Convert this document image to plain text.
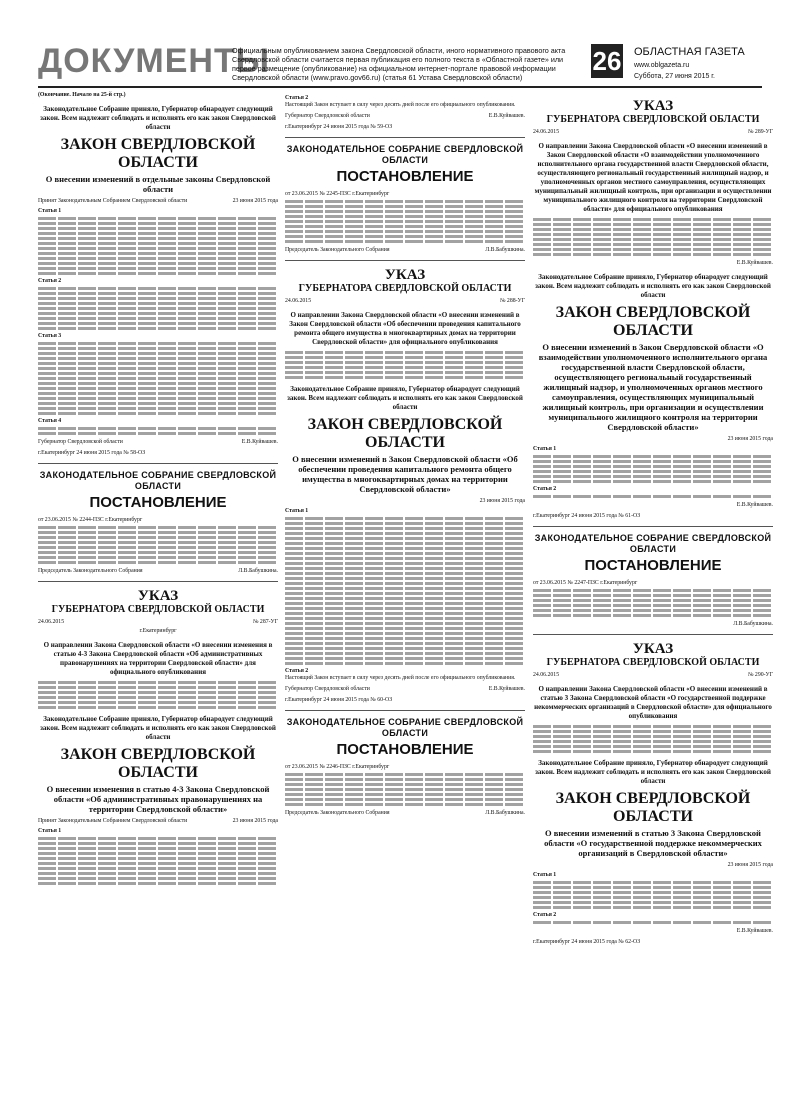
ДОКУМЕНТЫ
Официальным опубликованием закона Свердловской области, иного нормативного правового акта Свердловской области считается первая публикация его полного текста в «Областной газете» или первое размещение (опубликование) на официальном интернет-портале правовой информации Свердловской области (www.pravo.gov66.ru) (статья 61 Устава Свердловской области)
26 ОБЛАСТНАЯ ГАЗЕТА
www.oblgazeta.ru
Суббота, 27 июня 2015 г.
(Окончание. Начало на 25-й стр.)
Законодательное Собрание приняло, Губернатор обнародует следующий закон. Всем надлежит соблюдать и исполнять его как закон Свердловской области
ЗАКОН СВЕРДЛОВСКОЙ ОБЛАСТИ
О внесении изменений в отдельные законы Свердловской области
Принят Законодательным Собранием Свердловской области	23 июня 2015 года
Статья 1
Статья 2
Статья 3
Статья 4
Губернатор Свердловской области	Е.В.Куйвашев.
г.Екатеринбург 24 июня 2015 года № 58-ОЗ
ЗАКОНОДАТЕЛЬНОЕ СОБРАНИЕ СВЕРДЛОВСКОЙ ОБЛАСТИ
ПОСТАНОВЛЕНИЕ
от 23.06.2015 № 2244-ПЗС г.Екатеринбург
Председатель Законодательного Собрания	Л.В.Бабушкина.
УКАЗ
ГУБЕРНАТОРА СВЕРДЛОВСКОЙ ОБЛАСТИ
24.06.2015	№ 287-УГ
г.Екатеринбург
О направлении Закона Свердловской области «О внесении изменения в статью 4-3 Закона Свердловской области «Об административных правонарушениях на территории Свердловской области» для официального опубликования
Законодательное Собрание приняло, Губернатор обнародует следующий закон. Всем надлежит соблюдать и исполнять его как закон Свердловской области
ЗАКОН СВЕРДЛОВСКОЙ ОБЛАСТИ
О внесении изменения в статью 4-3 Закона Свердловской области «Об административных правонарушениях на территории Свердловской области»
Принят Законодательным Собранием Свердловской области	23 июня 2015 года
Статья 1
Статья 2
Настоящий Закон вступает в силу через десять дней после его официального опубликования.
Губернатор Свердловской области	Е.В.Куйвашев.
г.Екатеринбург 24 июня 2015 года № 59-ОЗ
ЗАКОНОДАТЕЛЬНОЕ СОБРАНИЕ СВЕРДЛОВСКОЙ ОБЛАСТИ
ПОСТАНОВЛЕНИЕ
от 23.06.2015 № 2245-ПЗС г.Екатеринбург
Председатель Законодательного Собрания	Л.В.Бабушкина.
УКАЗ
ГУБЕРНАТОРА СВЕРДЛОВСКОЙ ОБЛАСТИ
24.06.2015	№ 288-УГ
О направлении Закона Свердловской области «О внесении изменений в Закон Свердловской области «Об обеспечении проведения капитального ремонта общего имущества в многоквартирных домах на территории Свердловской области» для официального опубликования
Законодательное Собрание приняло, Губернатор обнародует следующий закон. Всем надлежит соблюдать и исполнять его как закон Свердловской области
ЗАКОН СВЕРДЛОВСКОЙ ОБЛАСТИ
О внесении изменений в Закон Свердловской области «Об обеспечении проведения капитального ремонта общего имущества в многоквартирных домах на территории Свердловской области»
23 июня 2015 года
Статья 1
Статья 2
Настоящий Закон вступает в силу через десять дней после его официального опубликования.
Губернатор Свердловской области	Е.В.Куйвашев.
г.Екатеринбург 24 июня 2015 года № 60-ОЗ
ЗАКОНОДАТЕЛЬНОЕ СОБРАНИЕ СВЕРДЛОВСКОЙ ОБЛАСТИ
ПОСТАНОВЛЕНИЕ
от 23.06.2015 № 2246-ПЗС г.Екатеринбург
Председатель Законодательного Собрания	Л.В.Бабушкина.
УКАЗ
ГУБЕРНАТОРА СВЕРДЛОВСКОЙ ОБЛАСТИ
24.06.2015	№ 289-УГ
О направлении Закона Свердловской области «О внесении изменений в Закон Свердловской области «О взаимодействии уполномоченного исполнительного органа государственной власти Свердловской области, осуществляющего региональный государственный жилищный надзор, и уполномоченных органов местного самоуправления, осуществляющих муниципальный жилищный контроль, при организации и осуществлении муниципального жилищного контроля на территории Свердловской области» для официального опубликования
Е.В.Куйвашев.
Законодательное Собрание приняло, Губернатор обнародует следующий закон. Всем надлежит соблюдать и исполнять его как закон Свердловской области
ЗАКОН СВЕРДЛОВСКОЙ ОБЛАСТИ
О внесении изменений в Закон Свердловской области «О взаимодействии уполномоченного исполнительного органа государственной власти Свердловской области, осуществляющего региональный государственный жилищный надзор, и уполномоченных органов местного самоуправления, осуществляющих муниципальный жилищный контроль, при организации и осуществлении муниципального жилищного контроля на территории Свердловской области»
23 июня 2015 года
Статья 1
Статья 2
Е.В.Куйвашев.
г.Екатеринбург 24 июня 2015 года № 61-ОЗ
ЗАКОНОДАТЕЛЬНОЕ СОБРАНИЕ СВЕРДЛОВСКОЙ ОБЛАСТИ
ПОСТАНОВЛЕНИЕ
от 23.06.2015 № 2247-ПЗС г.Екатеринбург
Л.В.Бабушкина.
УКАЗ
ГУБЕРНАТОРА СВЕРДЛОВСКОЙ ОБЛАСТИ
24.06.2015	№ 290-УГ
О направлении Закона Свердловской области «О внесении изменений в статью 3 Закона Свердловской области «О государственной поддержке некоммерческих организаций в Свердловской области» для официального опубликования
Законодательное Собрание приняло, Губернатор обнародует следующий закон. Всем надлежит соблюдать и исполнять его как закон Свердловской области
ЗАКОН СВЕРДЛОВСКОЙ ОБЛАСТИ
О внесении изменений в статью 3 Закона Свердловской области «О государственной поддержке некоммерческих организаций в Свердловской области»
23 июня 2015 года
Статья 1
Статья 2
Е.В.Куйвашев.
г.Екатеринбург 24 июня 2015 года № 62-ОЗ
